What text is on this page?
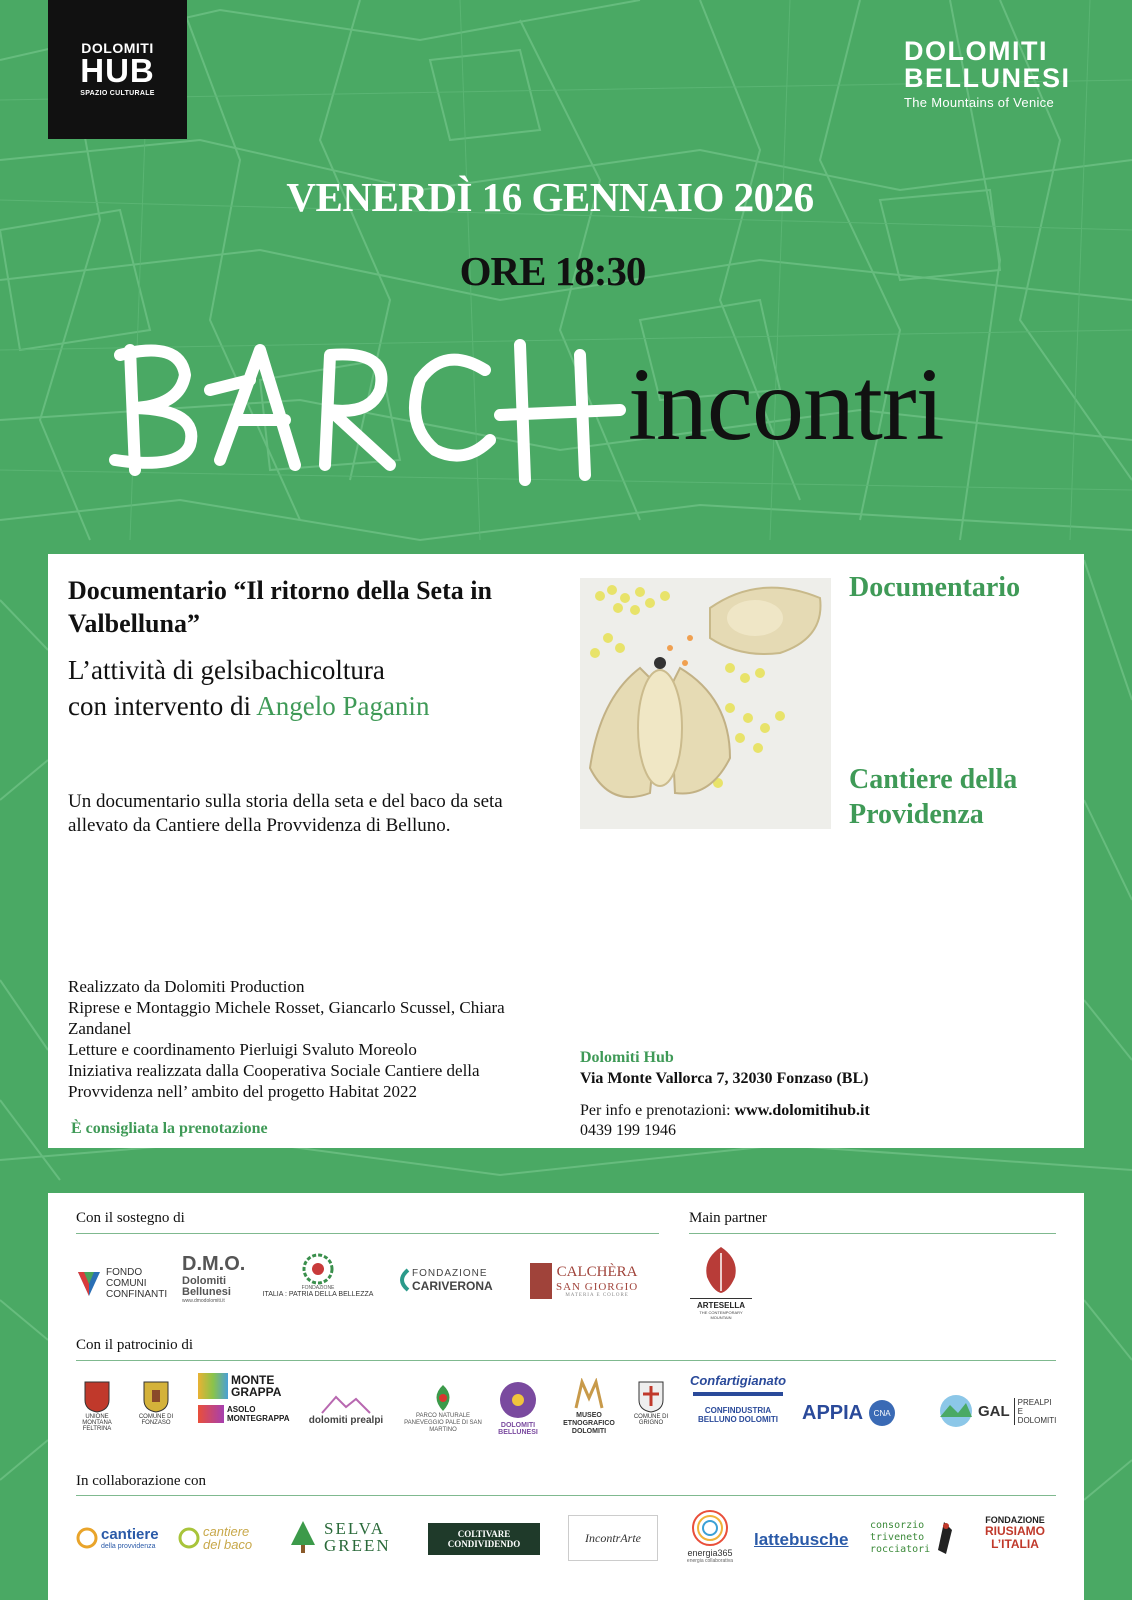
DOLOMITI
HUB
SPAZIO CULTURALE
DOLOMITI
BELLUNESI
The Mountains of Venice
VENERDÌ 16 GENNAIO 2026
ORE 18:30
incontri
Documentario “Il ritorno della Seta in Valbelluna”
L’attività di gelsibachicoltura
con intervento di Angelo Paganin
Un documentario sulla storia della seta e del baco da seta allevato da Cantiere della Provvidenza di Belluno.
Documentario
Cantiere della Providenza
Realizzato da Dolomiti Production
Riprese e Montaggio Michele Rosset, Giancarlo Scussel, Chiara Zandanel
Letture e coordinamento Pierluigi Svaluto Moreolo
Iniziativa realizzata dalla Cooperativa Sociale Cantiere della Provvidenza nell’ ambito del progetto Habitat 2022
È consigliata la prenotazione
Dolomiti Hub
Via Monte Vallorca 7, 32030 Fonzaso (BL)
Per info e prenotazioni: www.dolomitihub.it
0439 199 1946
Con il sostegno di	Main partner
FONDO COMUNI CONFINANTI
D.M.O.
Dolomiti Bellunesi
www.dmodolomiti.it
FONDAZIONE
ITALIA : PATRIA DELLA BELLEZZA
FONDAZIONE
CARIVERONA
CALCHÈRA
SAN GIORGIO
MATERIA E COLORE
ARTESELLA
THE CONTEMPORARY MOUNTAIN
Con il patrocinio di
UNIONE MONTANA FELTRINA
COMUNE DI FONZASO
MONTE GRAPPA
ASOLO MONTEGRAPPA dolomiti prealpi	PARCO NATURALE PANEVEGGIO PALE DI SAN MARTINO
DOLOMITI BELLUNESI
MUSEO ETNOGRAFICO DOLOMITI
COMUNE DI GRIGNO
Confartigianato
CONFINDUSTRIA BELLUNO DOLOMITI	APPIA	CNA	GAL
PREALPI E DOLOMITI
In collaborazione con
cantiere
della provvidenza
cantiere del baco
SELVA GREEN
COLTIVARE CONDIVIDENDO	IncontrArte
energia365
energia collaborativa
lattebusche
consorzio triveneto rocciatori
FONDAZIONE
RIUSIAMO L’ITALIA
